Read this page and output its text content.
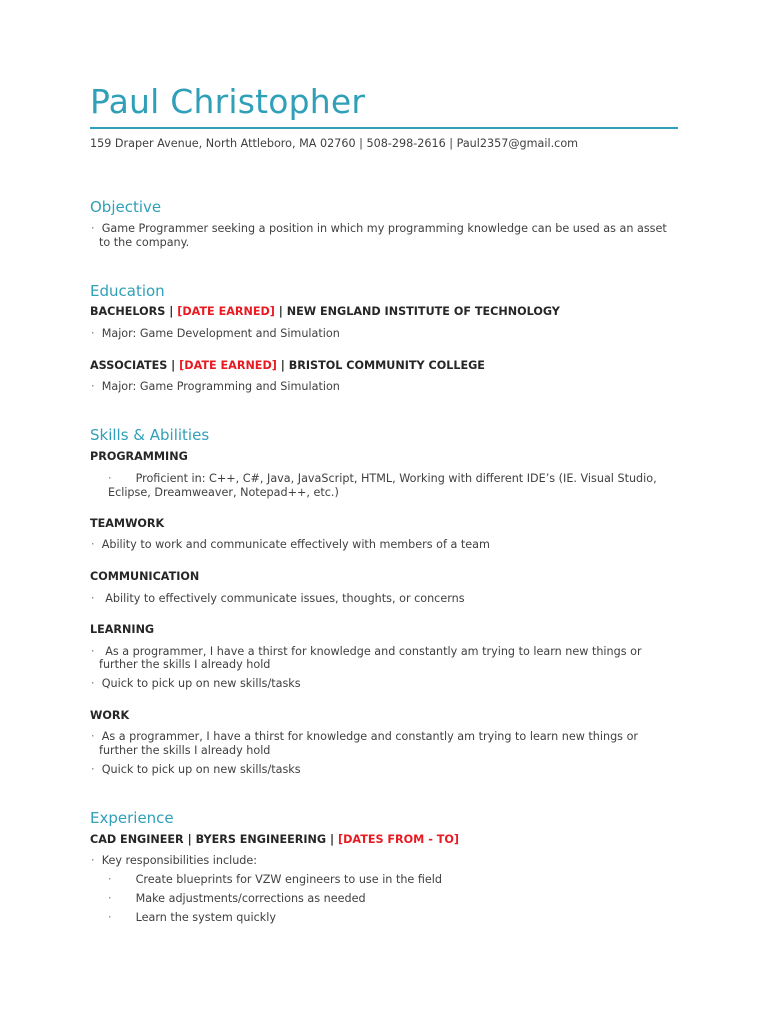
Paul Christopher
159 Draper Avenue, North Attleboro, MA 02760 | 508-298-2616 | Paul2357@gmail.com
Objective
· Game Programmer seeking a position in which my programming knowledge can be used as an asset
to the company.
Education
BACHELORS | [DATE EARNED] | NEW ENGLAND INSTITUTE OF TECHNOLOGY
· Major: Game Development and Simulation
ASSOCIATES | [DATE EARNED] | BRISTOL COMMUNITY COLLEGE
· Major: Game Programming and Simulation
Skills & Abilities
PROGRAMMING
· Proficient in: C++, C#, Java, JavaScript, HTML, Working with different IDE’s (IE. Visual Studio,
Eclipse, Dreamweaver, Notepad++, etc.)
TEAMWORK
· Ability to work and communicate effectively with members of a team
COMMUNICATION
· Ability to effectively communicate issues, thoughts, or concerns
LEARNING
· As a programmer, I have a thirst for knowledge and constantly am trying to learn new things or
further the skills I already hold
· Quick to pick up on new skills/tasks
WORK
· As a programmer, I have a thirst for knowledge and constantly am trying to learn new things or
further the skills I already hold
· Quick to pick up on new skills/tasks
Experience
CAD ENGINEER | BYERS ENGINEERING | [DATES FROM - TO]
· Key responsibilities include:
· Create blueprints for VZW engineers to use in the field
· Make adjustments/corrections as needed
· Learn the system quickly
